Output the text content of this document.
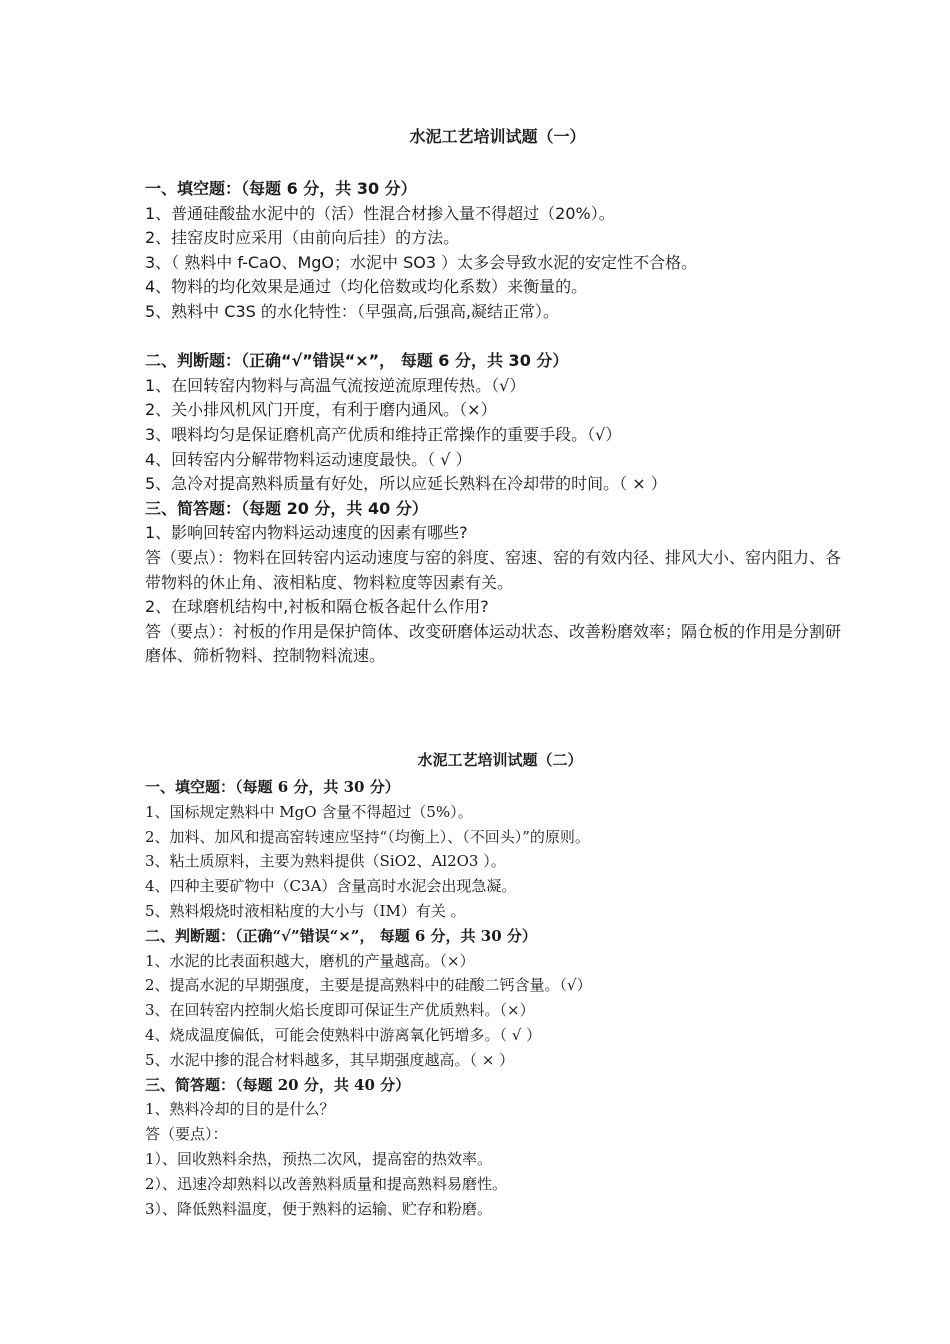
水泥工艺培训试题（一）
一、填空题：（每题 6 分，共 30 分）
1、普通硅酸盐水泥中的（活）性混合材掺入量不得超过（20%）。
2、挂窑皮时应采用（由前向后挂）的方法。
3、（ 熟料中 f-CaO、MgO；水泥中 SO3 ）太多会导致水泥的安定性不合格。
4、物料的均化效果是通过（均化倍数或均化系数）来衡量的。
5、熟料中 C3S 的水化特性：（早强高,后强高,凝结正常）。
二、判断题：（正确“√”错误“×”， 每题 6 分，共 30 分）
1、在回转窑内物料与高温气流按逆流原理传热。（√）
2、关小排风机风门开度，有利于磨内通风。（×）
3、喂料均匀是保证磨机高产优质和维持正常操作的重要手段。（√）
4、回转窑内分解带物料运动速度最快。（ √ ）
5、急冷对提高熟料质量有好处，所以应延长熟料在冷却带的时间。（ × ）
三、简答题：（每题 20 分，共 40 分）
1、影响回转窑内物料运动速度的因素有哪些?
答（要点）：物料在回转窑内运动速度与窑的斜度、窑速、窑的有效内径、排风大小、窑内阻力、各带物料的休止角、液相粘度、物料粒度等因素有关。
2、在球磨机结构中,衬板和隔仓板各起什么作用?
答（要点）：衬板的作用是保护筒体、改变研磨体运动状态、改善粉磨效率；隔仓板的作用是分割研磨体、筛析物料、控制物料流速。
水泥工艺培训试题（二）
一、填空题：（每题 6 分，共 30 分）
1、国标规定熟料中 MgO 含量不得超过（5%）。
2、加料、加风和提高窑转速应坚持“（均衡上）、（不回头）”的原则。
3、粘土质原料，主要为熟料提供（SiO2、Al2O3 ）。
4、四种主要矿物中（C3A）含量高时水泥会出现急凝。
5、熟料煅烧时液相粘度的大小与（IM）有关 。
二、判断题：（正确“√”错误“×”， 每题 6 分，共 30 分）
1、水泥的比表面积越大，磨机的产量越高。（×）
2、提高水泥的早期强度，主要是提高熟料中的硅酸二钙含量。（√）
3、在回转窑内控制火焰长度即可保证生产优质熟料。（×）
4、烧成温度偏低，可能会使熟料中游离氧化钙增多。（ √ ）
5、水泥中掺的混合材料越多，其早期强度越高。（ × ）
三、简答题：（每题 20 分，共 40 分）
1、熟料冷却的目的是什么？
答（要点）：
1）、回收熟料余热，预热二次风，提高窑的热效率。
2）、迅速冷却熟料以改善熟料质量和提高熟料易磨性。
3）、降低熟料温度，便于熟料的运输、贮存和粉磨。
